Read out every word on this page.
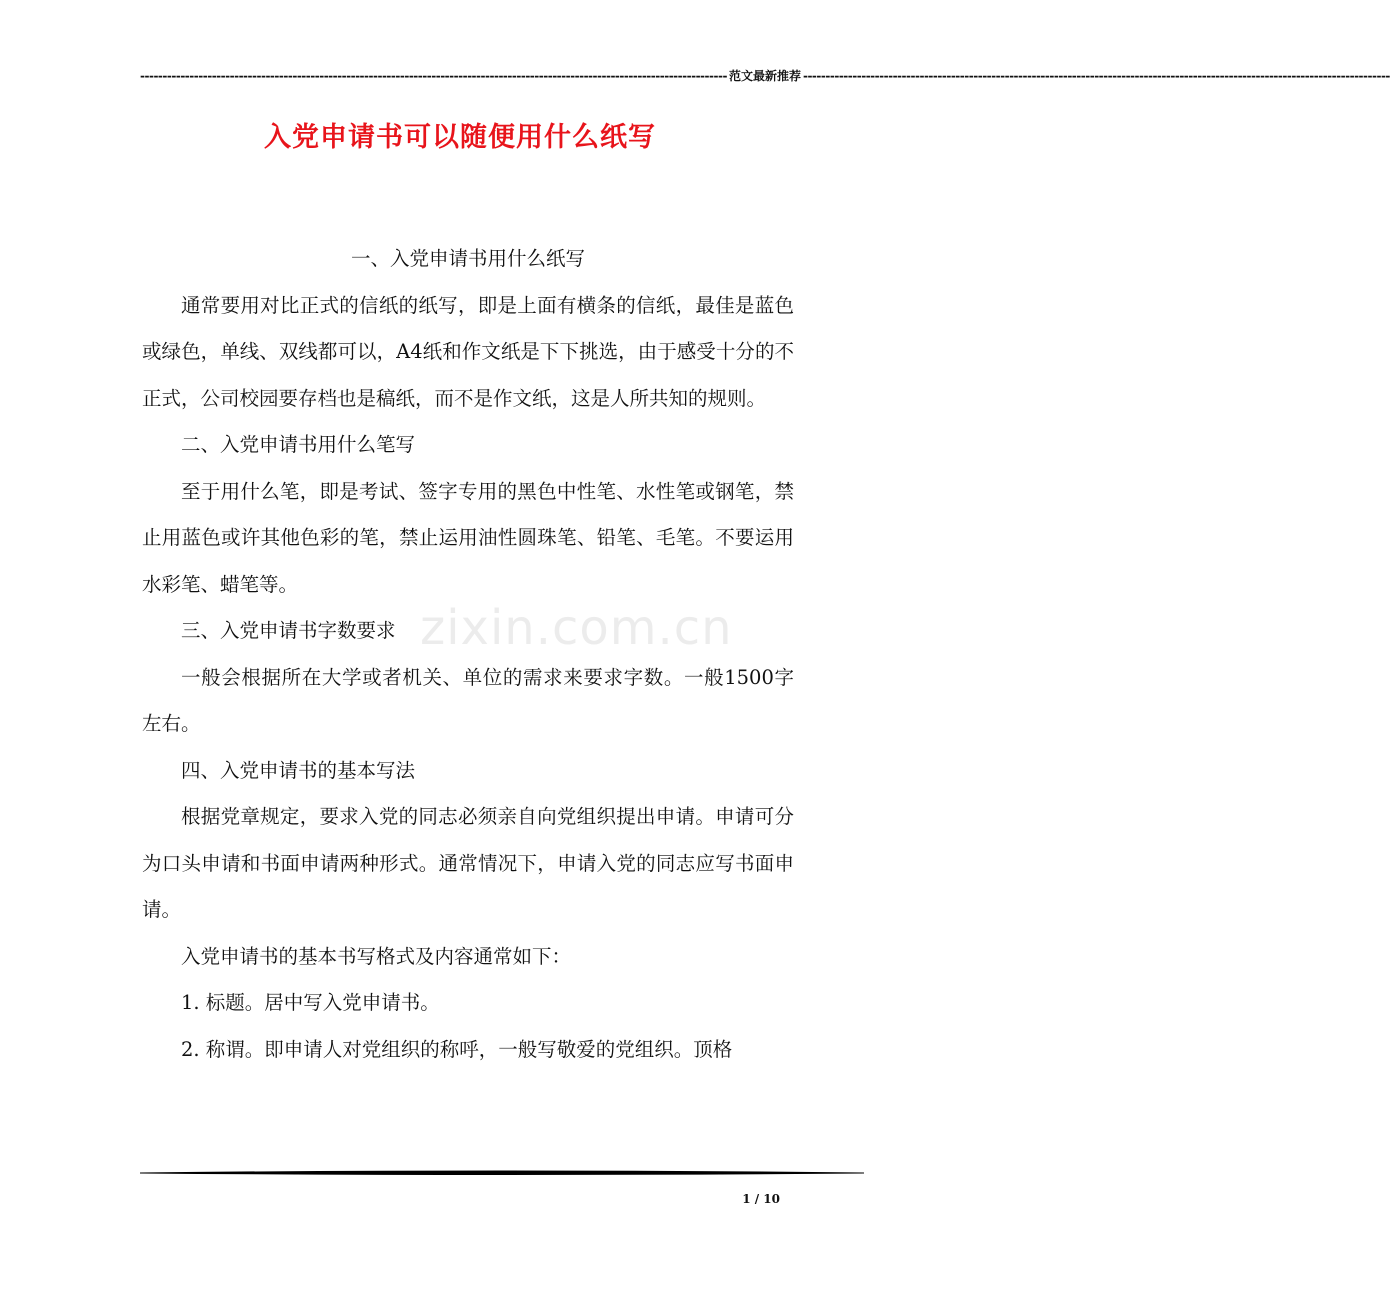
----------------------------------------------------------------------------------------------------------------------------------- 范文最新推荐 -----------------------------------------------------------------------------------------------------------------------------------
入党申请书可以随便用什么纸写

一、入党申请书用什么纸写

通常要用对比正式的信纸的纸写，即是上面有横条的信纸，最佳是蓝色或绿色，单线、双线都可以，A4纸和作文纸是下下挑选，由于感受十分的不正式，公司校园要存档也是稿纸，而不是作文纸，这是人所共知的规则。

二、入党申请书用什么笔写

至于用什么笔，即是考试、签字专用的黑色中性笔、水性笔或钢笔，禁止用蓝色或许其他色彩的笔，禁止运用油性圆珠笔、铅笔、毛笔。不要运用水彩笔、蜡笔等。

三、入党申请书字数要求

一般会根据所在大学或者机关、单位的需求来要求字数。一般1500字左右。

四、入党申请书的基本写法

根据党章规定，要求入党的同志必须亲自向党组织提出申请。申请可分为口头申请和书面申请两种形式。通常情况下，申请入党的同志应写书面申请。

入党申请书的基本书写格式及内容通常如下：

1. 标题。居中写入党申请书。

2. 称谓。即申请人对党组织的称呼，一般写敬爱的党组织。顶格

zixin.com.cn
1 / 10
